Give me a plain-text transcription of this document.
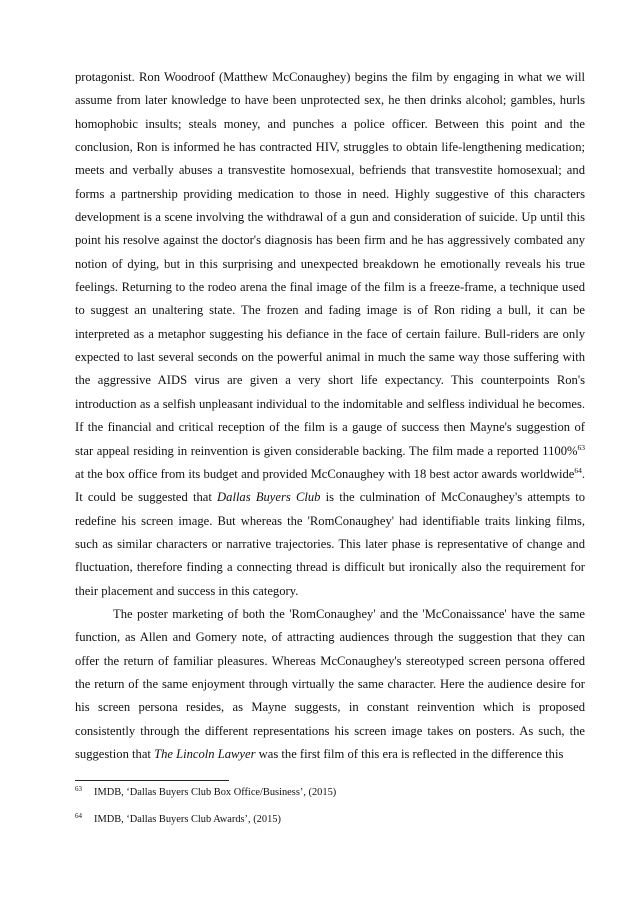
protagonist. Ron Woodroof (Matthew McConaughey) begins the film by engaging in what we will assume from later knowledge to have been unprotected sex, he then drinks alcohol; gambles, hurls homophobic insults; steals money, and punches a police officer. Between this point and the conclusion, Ron is informed he has contracted HIV, struggles to obtain life-lengthening medication; meets and verbally abuses a transvestite homosexual, befriends that transvestite homosexual; and forms a partnership providing medication to those in need. Highly suggestive of this characters development is a scene involving the withdrawal of a gun and consideration of suicide. Up until this point his resolve against the doctor's diagnosis has been firm and he has aggressively combated any notion of dying, but in this surprising and unexpected breakdown he emotionally reveals his true feelings. Returning to the rodeo arena the final image of the film is a freeze-frame, a technique used to suggest an unaltering state. The frozen and fading image is of Ron riding a bull, it can be interpreted as a metaphor suggesting his defiance in the face of certain failure. Bull-riders are only expected to last several seconds on the powerful animal in much the same way those suffering with the aggressive AIDS virus are given a very short life expectancy. This counterpoints Ron's introduction as a selfish unpleasant individual to the indomitable and selfless individual he becomes. If the financial and critical reception of the film is a gauge of success then Mayne's suggestion of star appeal residing in reinvention is given considerable backing. The film made a reported 1100%$^{63}$ at the box office from its budget and provided McConaughey with 18 best actor awards worldwide$^{64}$. It could be suggested that Dallas Buyers Club is the culmination of McConaughey's attempts to redefine his screen image. But whereas the 'RomConaughey' had identifiable traits linking films, such as similar characters or narrative trajectories. This later phase is representative of change and fluctuation, therefore finding a connecting thread is difficult but ironically also the requirement for their placement and success in this category.

The poster marketing of both the 'RomConaughey' and the 'McConaissance' have the same function, as Allen and Gomery note, of attracting audiences through the suggestion that they can offer the return of familiar pleasures. Whereas McConaughey's stereotyped screen persona offered the return of the same enjoyment through virtually the same character. Here the audience desire for his screen persona resides, as Mayne suggests, in constant reinvention which is proposed consistently through the different representations his screen image takes on posters. As such, the suggestion that The Lincoln Lawyer was the first film of this era is reflected in the difference this

63 IMDB, ‘Dallas Buyers Club Box Office/Business’, (2015)

64 IMDB, ‘Dallas Buyers Club Awards’, (2015)
